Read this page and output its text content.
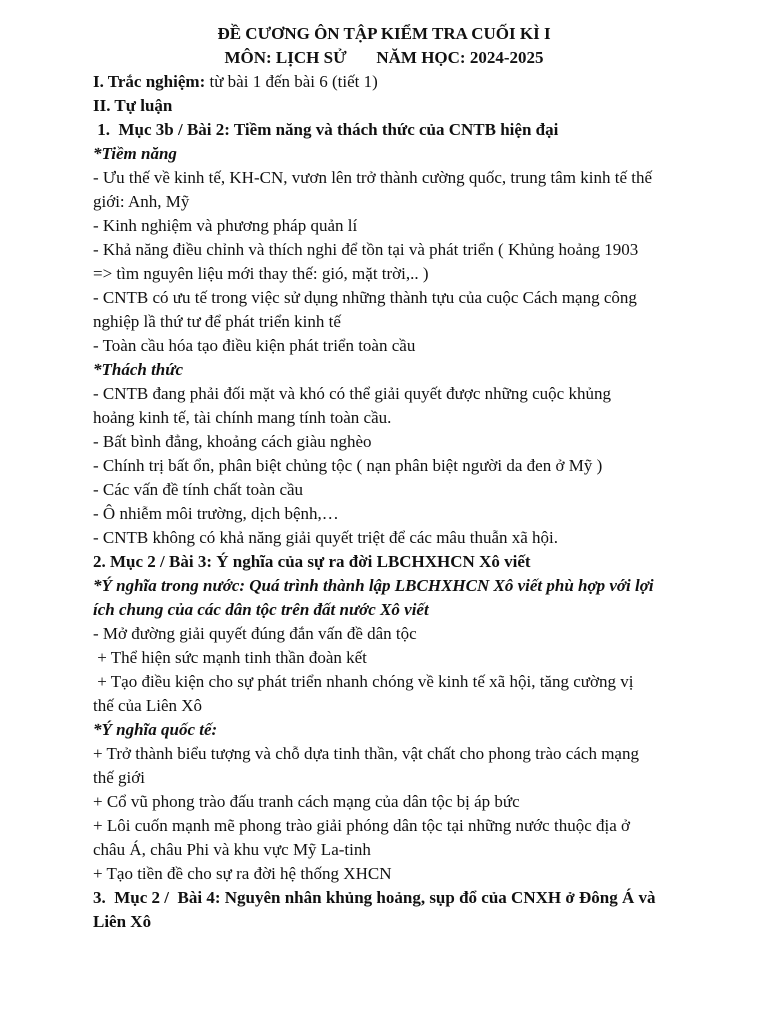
ĐỀ CƯƠNG ÔN TẬP KIỂM TRA CUỐI KÌ I
MÔN: LỊCH SỬ       NĂM HỌC: 2024-2025
I. Trắc nghiệm: từ bài 1 đến bài 6 (tiết 1)
II. Tự luận
1.  Mục 3b / Bài 2: Tiềm năng và thách thức của CNTB hiện đại
*Tiềm năng
- Ưu thế về kinh tế, KH-CN, vươn lên trở thành cường quốc, trung tâm kinh tế thế
giới: Anh, Mỹ
- Kinh nghiệm và phương pháp quản lí
- Khả năng điều chỉnh và thích nghi để tồn tại và phát triển ( Khủng hoảng 1903
=> tìm nguyên liệu mới thay thế: gió, mặt trời,.. )
- CNTB có ưu tế trong việc sử dụng những thành tựu của cuộc Cách mạng công
nghiệp lầ thứ tư để phát triển kinh tế
- Toàn cầu hóa tạo điều kiện phát triển toàn cầu
*Thách thức
- CNTB đang phải đối mặt và khó có thể giải quyết được những cuộc khủng
hoảng kinh tế, tài chính mang tính toàn cầu.
- Bất bình đẳng, khoảng cách giàu nghèo
- Chính trị bất ổn, phân biệt chủng tộc ( nạn phân biệt người da đen ở Mỹ )
- Các vấn đề tính chất toàn cầu
- Ô nhiễm môi trường, dịch bệnh,…
- CNTB không có khả năng giải quyết triệt để các mâu thuẫn xã hội.
2. Mục 2 / Bài 3: Ý nghĩa của sự ra đời LBCHXHCN Xô viết
*Ý nghĩa trong nước: Quá trình thành lập LBCHXHCN Xô viết phù hợp với lợi
ích chung của các dân tộc trên đất nước Xô viết
- Mở đường giải quyết đúng đắn vấn đề dân tộc
+ Thể hiện sức mạnh tinh thần đoàn kết
+ Tạo điều kiện cho sự phát triển nhanh chóng về kinh tế xã hội, tăng cường vị
thế của Liên Xô
*Ý nghĩa quốc tế:
+ Trở thành biểu tượng và chỗ dựa tinh thần, vật chất cho phong trào cách mạng
thế giới
+ Cổ vũ phong trào đấu tranh cách mạng của dân tộc bị áp bức
+ Lôi cuốn mạnh mẽ phong trào giải phóng dân tộc tại những nước thuộc địa ở
châu Á, châu Phi và khu vực Mỹ La-tinh
+ Tạo tiền đề cho sự ra đời hệ thống XHCN
3.  Mục 2 /  Bài 4: Nguyên nhân khủng hoảng, sụp đổ của CNXH ở Đông Á và
Liên Xô
